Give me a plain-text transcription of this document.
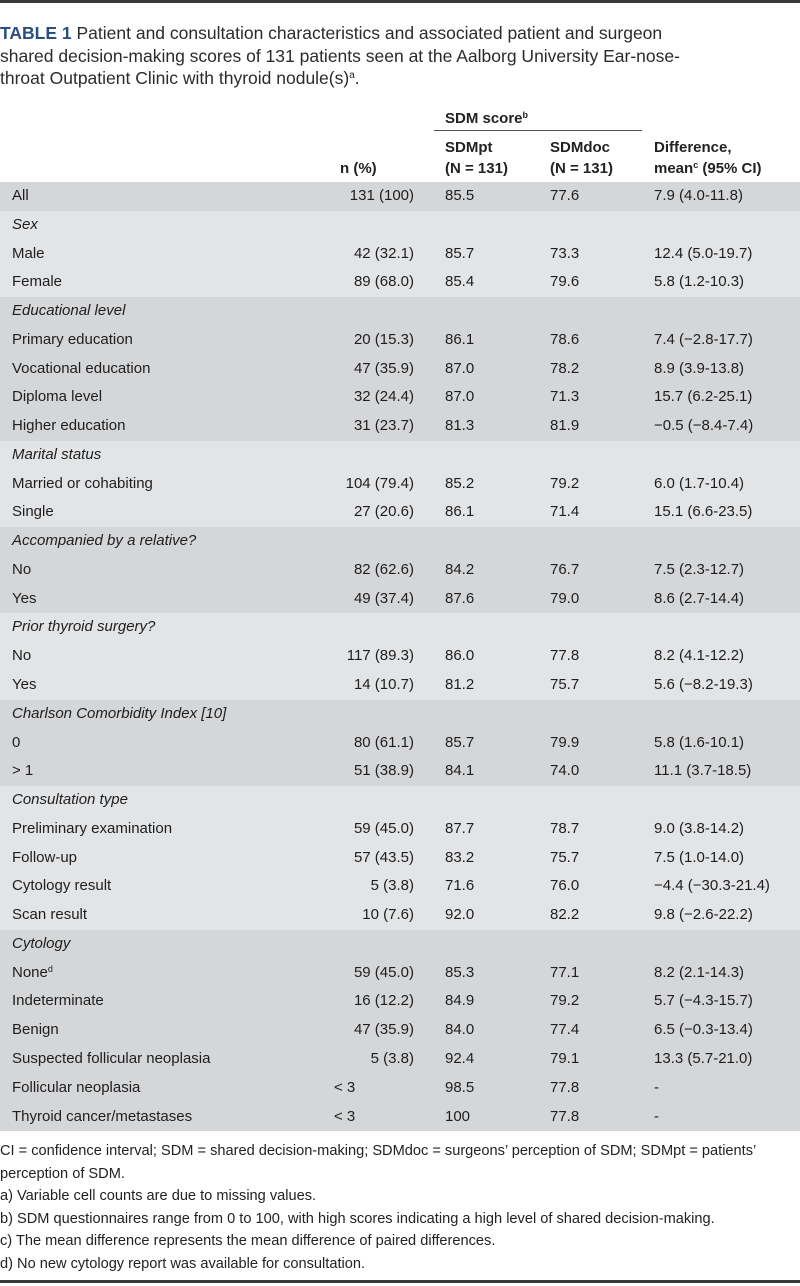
TABLE 1 Patient and consultation characteristics and associated patient and surgeon shared decision-making scores of 131 patients seen at the Aalborg University Ear-nose-throat Outpatient Clinic with thyroid $nodule(s)^a$.
SDM score$^b$
n (%)
SDMpt
(N = 131)
SDMdoc
(N = 131)
Difference,
mean$^c$ (95% CI)
All	131 (100) 85.5	77.6	7.9 (4.0-11.8)
Sex
Male	42 (32.1) 85.7	73.3	12.4 (5.0-19.7)
Female	89 (68.0) 85.4	79.6	5.8 (1.2-10.3)
Educational level
Primary education	20 (15.3) 86.1	78.6	7.4 (−2.8-17.7)
Vocational education	47 (35.9) 87.0	78.2	8.9 (3.9-13.8)
Diploma level	32 (24.4) 87.0	71.3	15.7 (6.2-25.1)
Higher education	31 (23.7) 81.3	81.9	−0.5 (−8.4-7.4)
Marital status
Married or cohabiting	104 (79.4) 85.2	79.2	6.0 (1.7-10.4)
Single	27 (20.6) 86.1	71.4	15.1 (6.6-23.5)
Accompanied by a relative?
No	82 (62.6) 84.2	76.7	7.5 (2.3-12.7)
Yes	49 (37.4) 87.6	79.0	8.6 (2.7-14.4)
Prior thyroid surgery?
No	117 (89.3) 86.0	77.8	8.2 (4.1-12.2)
Yes	14 (10.7) 81.2	75.7	5.6 (−8.2-19.3)
Charlson Comorbidity Index [10]
0	80 (61.1) 85.7	79.9	5.8 (1.6-10.1)
> 1	51 (38.9) 84.1	74.0	11.1 (3.7-18.5)
Consultation type
Preliminary examination	59 (45.0) 87.7	78.7	9.0 (3.8-14.2)
Follow-up	57 (43.5) 83.2	75.7	7.5 (1.0-14.0)
Cytology result	5 (3.8) 71.6	76.0	−4.4 (−30.3-21.4)
Scan result	10 (7.6) 92.0	82.2	9.8 (−2.6-22.2)
Cytology
None$^d$	59 (45.0) 85.3	77.1	8.2 (2.1-14.3)
Indeterminate	16 (12.2) 84.9	79.2	5.7 (−4.3-15.7)
Benign	47 (35.9) 84.0	77.4	6.5 (−0.3-13.4)
Suspected follicular neoplasia	5 (3.8) 92.4	79.1	13.3 (5.7-21.0)
Follicular neoplasia	< 3	98.5	77.8	-
Thyroid cancer/metastases	< 3	100	77.8	-
CI = confidence interval; SDM = shared decision-making; SDMdoc = surgeons’ perception of SDM; SDMpt = patients’ perception of SDM.
a) Variable cell counts are due to missing values.
b) SDM questionnaires range from 0 to 100, with high scores indicating a high level of shared decision-making.
c) The mean difference represents the mean difference of paired differences.
d) No new cytology report was available for consultation.
